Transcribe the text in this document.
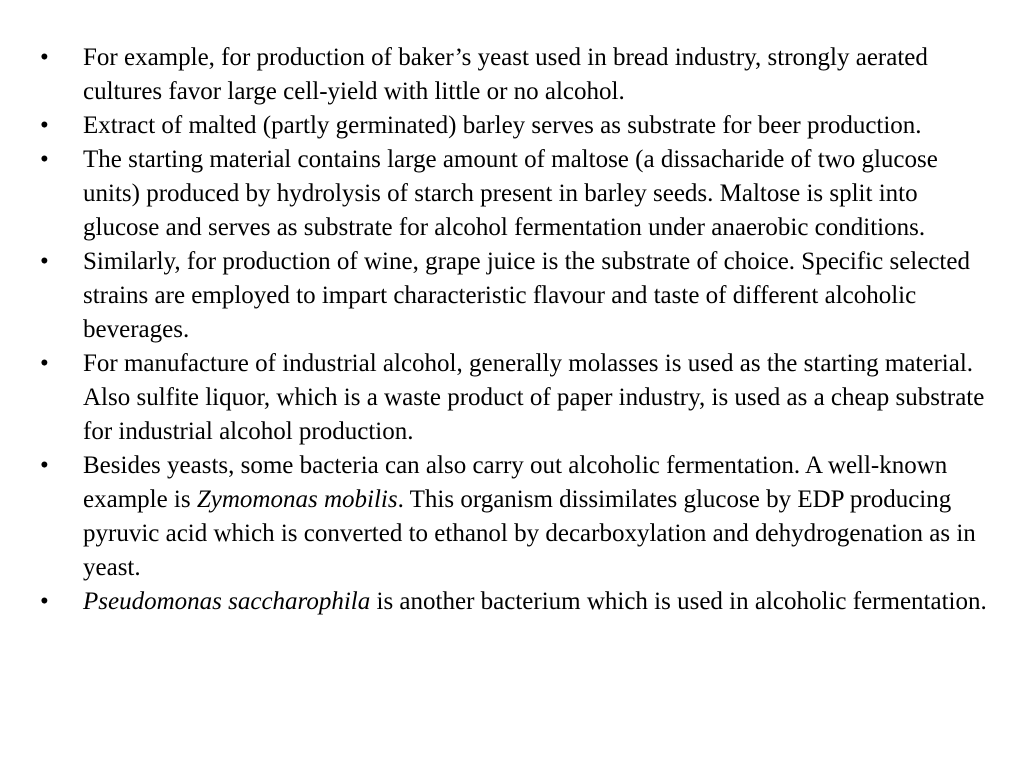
•	For example, for production of baker’s yeast used in bread industry, strongly aerated cultures favor large cell-yield with little or no alcohol.
•	Extract of malted (partly germinated) barley serves as substrate for beer production.
•	The starting material contains large amount of maltose (a dissacharide of two glucose units) produced by hydrolysis of starch present in barley seeds. Maltose is split into glucose and serves as substrate for alcohol fermentation under anaerobic conditions.
•	Similarly, for production of wine, grape juice is the substrate of choice. Specific selected strains are employed to impart characteristic flavour and taste of different alcoholic beverages.
•	For manufacture of industrial alcohol, generally molasses is used as the starting material. Also sulfite liquor, which is a waste product of paper industry, is used as a cheap substrate for industrial alcohol production.
•	Besides yeasts, some bacteria can also carry out alcoholic fermentation. A well-known example is Zymomonas mobilis. This organism dissimilates glucose by EDP producing pyruvic acid which is converted to ethanol by decarboxylation and dehydrogenation as in yeast.
•	Pseudomonas saccharophila is another bacterium which is used in alcoholic fermentation.
